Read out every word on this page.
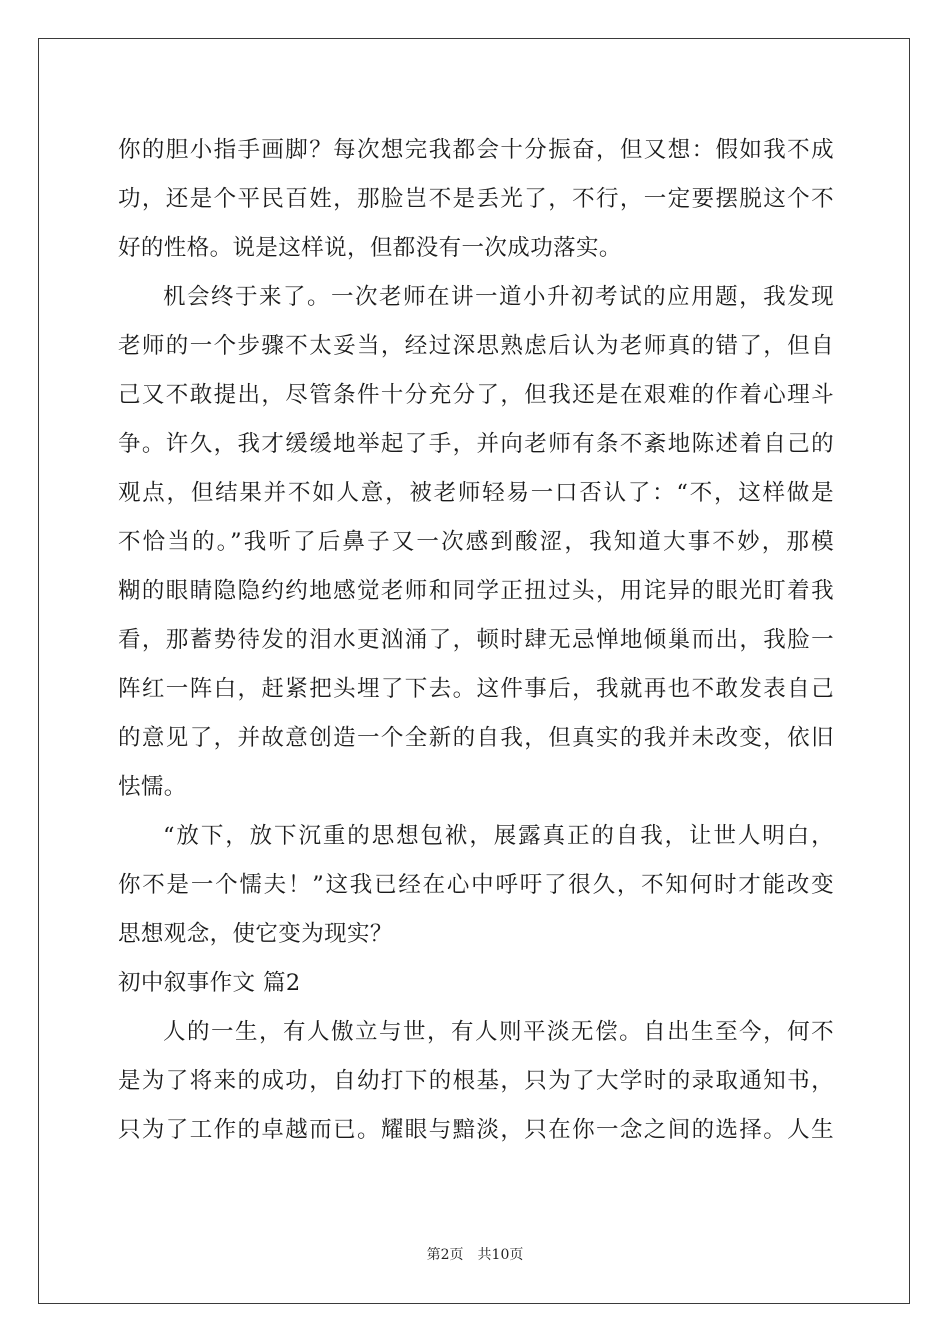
你的胆小指手画脚？每次想完我都会十分振奋，但又想：假如我不成
功，还是个平民百姓，那脸岂不是丢光了，不行，一定要摆脱这个不
好的性格。说是这样说，但都没有一次成功落实。
机会终于来了。一次老师在讲一道小升初考试的应用题，我发现
老师的一个步骤不太妥当，经过深思熟虑后认为老师真的错了，但自
己又不敢提出，尽管条件十分充分了，但我还是在艰难的作着心理斗
争。许久，我才缓缓地举起了手，并向老师有条不紊地陈述着自己的
观点，但结果并不如人意，被老师轻易一口否认了：“不，这样做是
不恰当的。”我听了后鼻子又一次感到酸涩，我知道大事不妙，那模
糊的眼睛隐隐约约地感觉老师和同学正扭过头，用诧异的眼光盯着我
看，那蓄势待发的泪水更汹涌了，顿时肆无忌惮地倾巢而出，我脸一
阵红一阵白，赶紧把头埋了下去。这件事后，我就再也不敢发表自己
的意见了，并故意创造一个全新的自我，但真实的我并未改变，依旧
怯懦。
“放下，放下沉重的思想包袱，展露真正的自我，让世人明白，
你不是一个懦夫！”这我已经在心中呼吁了很久，不知何时才能改变
思想观念，使它变为现实？
初中叙事作文 篇2
人的一生，有人傲立与世，有人则平淡无偿。自出生至今，何不
是为了将来的成功，自幼打下的根基，只为了大学时的录取通知书，
只为了工作的卓越而已。耀眼与黯淡，只在你一念之间的选择。人生
第2页 共10页
